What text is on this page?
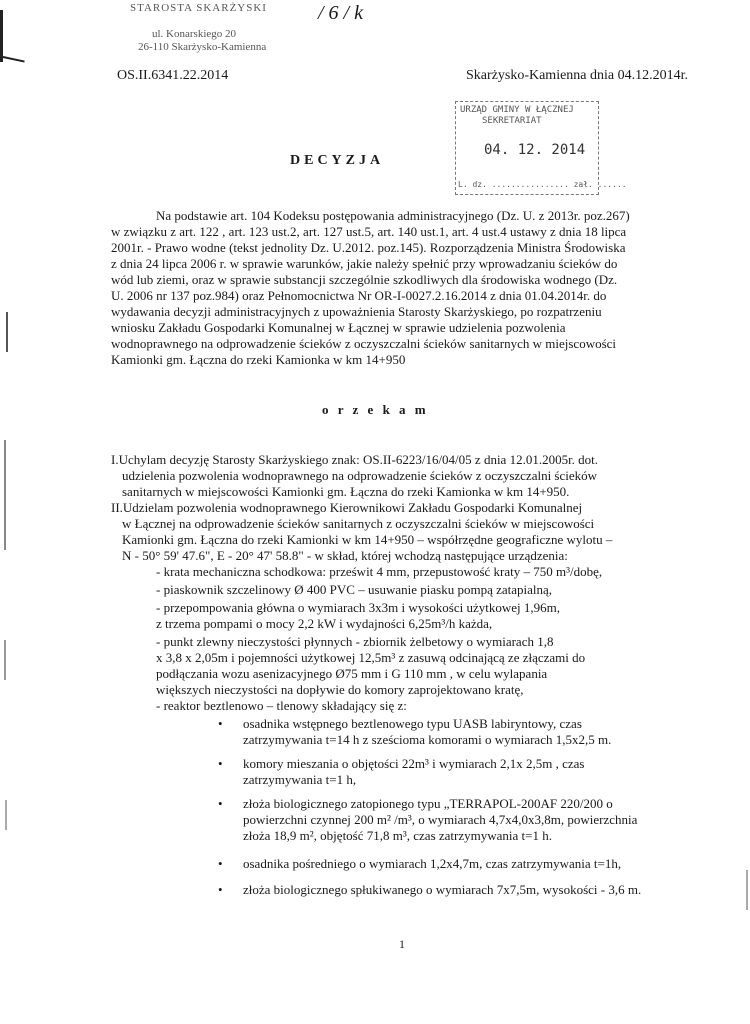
STAROSTA SKARŻYSKI
ul. Konarskiego 20
26-110 Skarżysko-Kamienna
/ 6 / k
OS.II.6341.22.2014	Skarżysko-Kamienna dnia 04.12.2014r.
URZĄD GMINY W ŁĄCZNEJ
SEKRETARIAT
04. 12. 2014
L. dz. ................ zał. ......
DECYZJA
Na podstawie art. 104 Kodeksu postępowania administracyjnego (Dz. U. z 2013r. poz.267)
w związku z art. 122 , art. 123 ust.2, art. 127 ust.5, art. 140 ust.1, art. 4 ust.4 ustawy z dnia 18 lipca
2001r. - Prawo wodne (tekst jednolity Dz. U.2012. poz.145). Rozporządzenia Ministra Środowiska
z dnia 24 lipca 2006 r. w sprawie warunków, jakie należy spełnić przy wprowadzaniu ścieków do
wód lub ziemi, oraz w sprawie substancji szczególnie szkodliwych dla środowiska wodnego (Dz.
U. 2006 nr 137 poz.984) oraz Pełnomocnictwa Nr OR-I-0027.2.16.2014 z dnia 01.04.2014r. do
wydawania decyzji administracyjnych z upoważnienia Starosty Skarżyskiego, po rozpatrzeniu
wniosku Zakładu Gospodarki Komunalnej w Łącznej w sprawie udzielenia pozwolenia
wodnoprawnego na odprowadzenie ścieków z oczyszczalni ścieków sanitarnych w miejscowości
Kamionki gm. Łączna do rzeki Kamionka w km 14+950
o r z e k a m
I.Uchylam decyzję Starosty Skarżyskiego znak: OS.II-6223/16/04/05 z dnia 12.01.2005r. dot.
udzielenia pozwolenia wodnoprawnego na odprowadzenie ścieków z oczyszczalni ścieków
sanitarnych w miejscowości Kamionki gm. Łączna do rzeki Kamionka w km 14+950.
II.Udzielam pozwolenia wodnoprawnego Kierownikowi Zakładu Gospodarki Komunalnej
w Łącznej na odprowadzenie ścieków sanitarnych z oczyszczalni ścieków w miejscowości
Kamionki gm. Łączna do rzeki Kamionki w km 14+950 – współrzędne geograficzne wylotu –
N - 50° 59' 47.6", E - 20° 47' 58.8" - w skład, której wchodzą następujące urządzenia:
- krata mechaniczna schodkowa: prześwit 4 mm, przepustowość kraty – 750 m³/dobę,
- piaskownik szczelinowy Ø 400 PVC – usuwanie piasku pompą zatapialną,
- przepompowania główna o wymiarach 3x3m i wysokości użytkowej 1,96m,
z trzema pompami o mocy 2,2 kW i wydajności 6,25m³/h każda,
- punkt zlewny nieczystości płynnych - zbiornik żelbetowy o wymiarach 1,8
x 3,8 x 2,05m i pojemności użytkowej 12,5m³ z zasuwą odcinającą ze złączami do
podłączania wozu asenizacyjnego Ø75 mm i G 110 mm , w celu wylapania
większych nieczystości na dopływie do komory zaprojektowano kratę,
- reaktor beztlenowo – tlenowy składający się z:
• osadnika wstępnego beztlenowego typu UASB labiryntowy, czas
zatrzymywania t=14 h z sześcioma komorami o wymiarach 1,5x2,5 m.
• komory mieszania o objętości 22m³ i wymiarach 2,1x 2,5m , czas
zatrzymywania t=1 h,
• złoża biologicznego zatopionego typu „TERRAPOL-200AF 220/200 o
powierzchni czynnej 200 m² /m³, o wymiarach 4,7x4,0x3,8m, powierzchnia
złoża 18,9 m², objętość 71,8 m³, czas zatrzymywania t=1 h.
• osadnika pośredniego o wymiarach 1,2x4,7m, czas zatrzymywania t=1h,
• złoża biologicznego spłukiwanego o wymiarach 7x7,5m, wysokości - 3,6 m.
1
